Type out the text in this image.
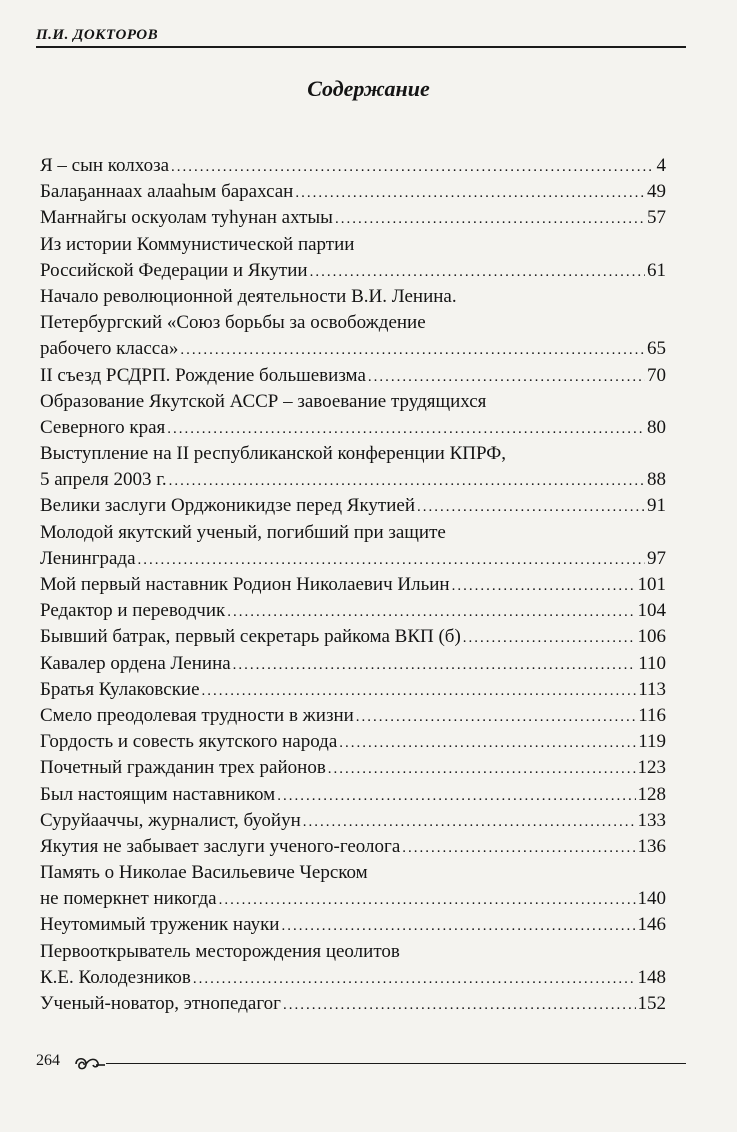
П.И. ДОКТОРОВ
Содержание
Я – сын колхоза .....	4
Балаҕаннаах алааһым барахсан .....	49
Маҥнайгы оскуолам туһунан ахтыы .....	57
Из истории Коммунистической партии
Российской Федерации и Якутии .....	61
Начало революционной деятельности В.И. Ленина.
Петербургский «Союз борьбы за освобождение
рабочего класса» .....	65
II съезд РСДРП. Рождение большевизма .....	70
Образование Якутской АССР – завоевание трудящихся
Северного края .....	80
Выступление на II республиканской конференции КПРФ,
5 апреля 2003 г. .....	88
Велики заслуги Орджоникидзе перед Якутией .....	91
Молодой якутский ученый, погибший при защите
Ленинграда .....	97
Мой первый наставник Родион Николаевич Ильин .....	101
Редактор и переводчик .....	104
Бывший батрак, первый секретарь райкома ВКП (б) .....	106
Кавалер ордена Ленина .....	110
Братья Кулаковские .....	113
Смело преодолевая трудности в жизни .....	116
Гордость и совесть якутского народа .....	119
Почетный гражданин трех районов .....	123
Был настоящим наставником .....	128
Суруйааччы, журналист, буойун .....	133
Якутия не забывает заслуги ученого-геолога .....	136
Память о Николае Васильевиче Черском
не померкнет никогда .....	140
Неутомимый труженик науки .....	146
Первооткрыватель месторождения цеолитов
К.Е. Колодезников .....	148
Ученый-новатор, этнопедагог .....	152
264
